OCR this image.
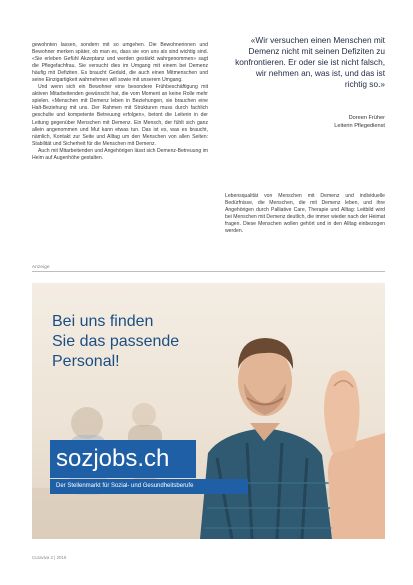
gewohnten lassen, sondern mit so umgehen. Die Bewohnerinnen und Bewohner merken später, ob man es, dass sie von uns als sind wichtig sind. «Sie erleben Gefühl Akzeptanz und werden gestärkt wahrgenommen» sagt die Pflegefachfrau. Sie versucht dies im Umgang mit einem bei Demenz häufig mit Defiziten. Es braucht Geduld, die auch einen Mitmenschen und seine Einzigartigkeit wahrnehmen will sowie mit unserem Umgang.

Und wenn sich ein Bewohner eine besondere Frühbeschäftigung mit aktiven Mitarbeitenden gewünscht hat, die vom Moment an keine Rolle mehr spielen. «Menschen mit Demenz leben in Beziehungen, sie brauchen eine Halt-Beziehung mit uns. Der Rahmen mit Strukturen muss durch fachlich geschulte und kompetente Betreuung erfolgen», betont die Leiterin in der Leitung gegenüber Menschen mit Demenz. Ein Mensch, der fühlt sich ganz allein angenommen und Mut kann etwas tun. Das ist es, was es braucht, nämlich, Kontakt zur Seite und Alltag um den Menschen von allen Seiten: Stabilität und Sicherheit für die Menschen mit Demenz.

Auch mit Mitarbeitenden und Angehörigen lässt sich Demenz-Betreuung im Heim auf Augenhöhe gestalten.

«Wir versuchen einen Menschen mit Demenz nicht mit seinen Defiziten zu konfrontieren. Er oder sie ist nicht falsch, wir nehmen an, was ist, und das ist richtig so.»
Doreen Früher
Leiterin Pflegedienst

Lebensqualität von Menschen mit Demenz und individuelle Bedürfnisse, die Menschen, die mit Demenz leben, und ihre Angehörigen durch Palliative Care, Therapie und Alltag: Leitbild wird bei Menschen mit Demenz deutlich, die immer wieder nach der Heimat fragen. Diese Menschen wollen gehört und in den Alltag einbezogen werden.

Anzeige
Bei uns finden
Sie das passende
Personal!
sozjobs.ch
Der Stellenmarkt für Sozial- und Gesundheitsberufe
Curaviva 2 | 2019
